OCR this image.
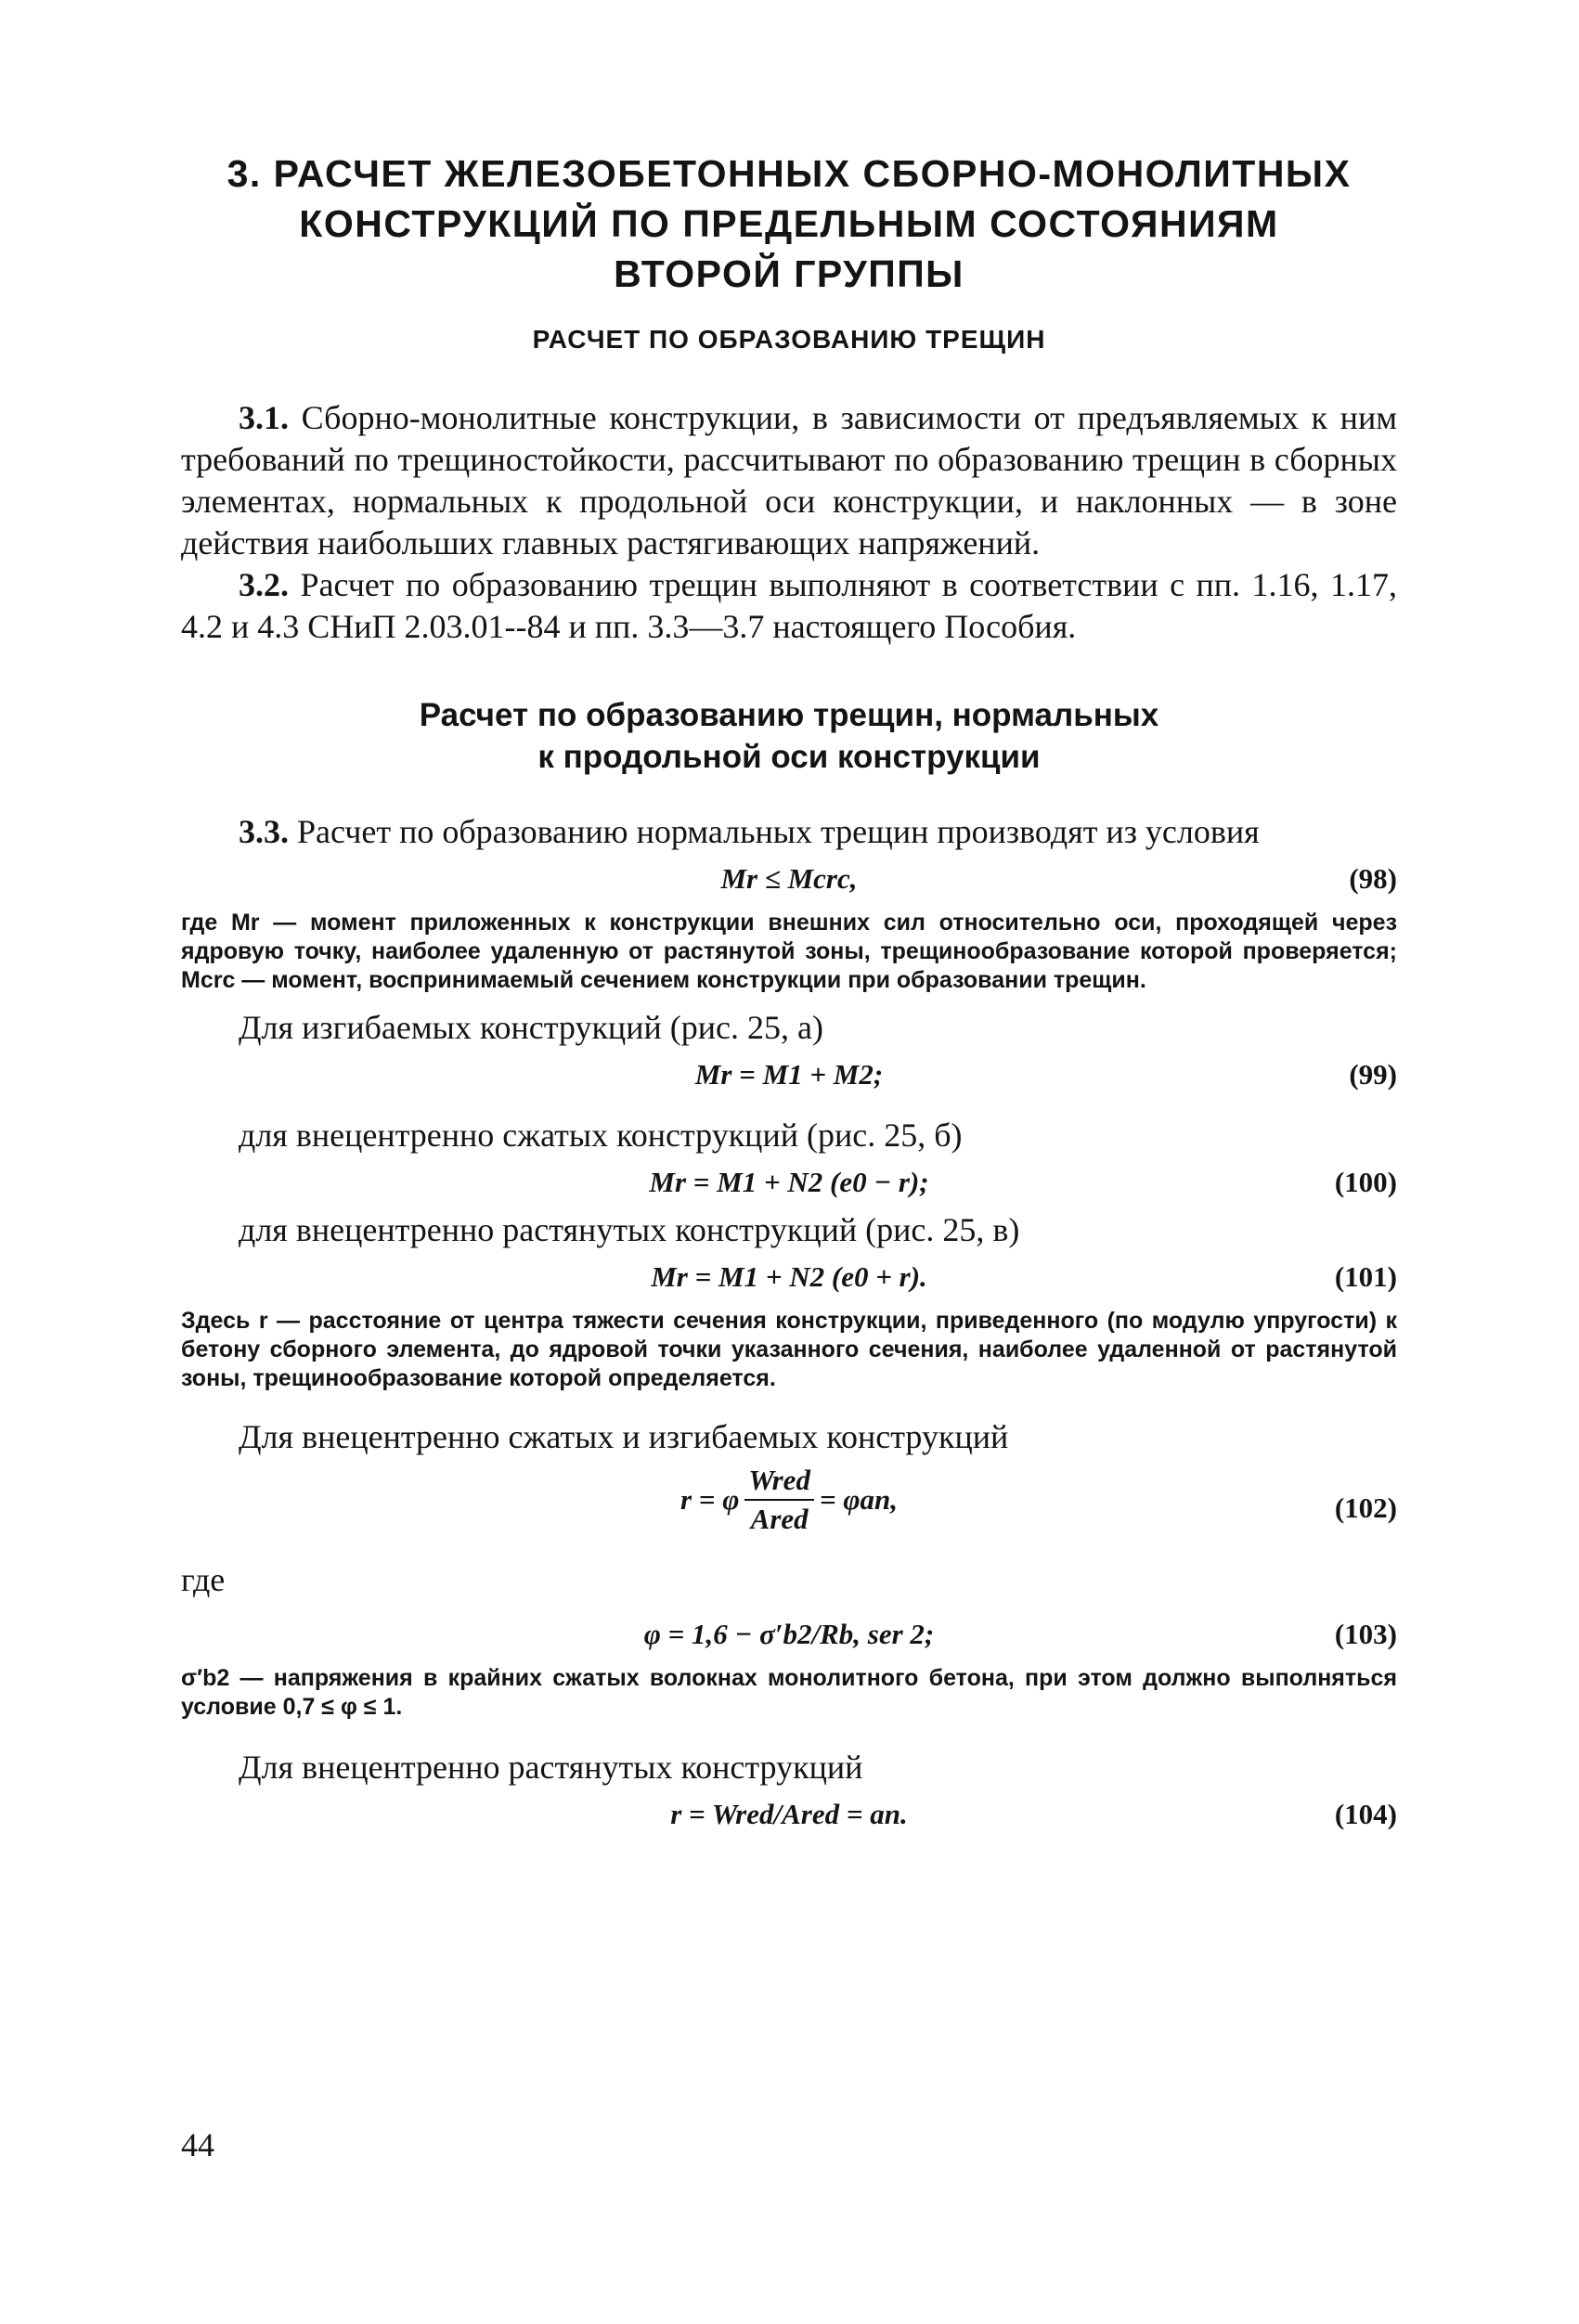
3. РАСЧЕТ ЖЕЛЕЗОБЕТОННЫХ СБОРНО-МОНОЛИТНЫХ
КОНСТРУКЦИЙ ПО ПРЕДЕЛЬНЫМ СОСТОЯНИЯМ
ВТОРОЙ ГРУППЫ
РАСЧЕТ ПО ОБРАЗОВАНИЮ ТРЕЩИН

3.1. Сборно-монолитные конструкции, в зависимости от предъявляемых к ним требований по трещиностойкости, рассчитывают по образованию трещин в сборных элементах, нормальных к продольной оси конструкции, и наклонных — в зоне действия наибольших главных растягивающих напряжений.

3.2. Расчет по образованию трещин выполняют в соответствии с пп. 1.16, 1.17, 4.2 и 4.3 СНиП 2.03.01--84 и пп. 3.3—3.7 настоящего Пособия.

Расчет по образованию трещин, нормальных
к продольной оси конструкции

3.3. Расчет по образованию нормальных трещин производят из условия

Mr ≤ Mcrc,	(98)
где Mr — момент приложенных к конструкции внешних сил относительно оси, проходящей через ядровую точку, наиболее удаленную от растянутой зоны, трещинообразование которой проверяется; Mcrc — момент, воспринимаемый сечением конструкции при образовании трещин.

Для изгибаемых конструкций (рис. 25, а)

Mr = M1 + M2;	(99)

для внецентренно сжатых конструкций (рис. 25, б)

Mr = M1 + N2 (e0 − r);	(100)

для внецентренно растянутых конструкций (рис. 25, в)

Mr = M1 + N2 (e0 + r).	(101)
Здесь r — расстояние от центра тяжести сечения конструкции, приведенного (по модулю упругости) к бетону сборного элемента, до ядровой точки указанного сечения, наиболее удаленной от растянутой зоны, трещинообразование которой определяется.

Для внецентренно сжатых и изгибаемых конструкций

r = φ
Wred
Ared
= φan,	(102)

где

φ = 1,6 − σ′b2/Rb, ser 2;	(103)
σ′b2 — напряжения в крайних сжатых волокнах монолитного бетона, при этом должно выполняться условие 0,7 ≤ φ ≤ 1.

Для внецентренно растянутых конструкций

r = Wred/Ared = an.	(104)
44
